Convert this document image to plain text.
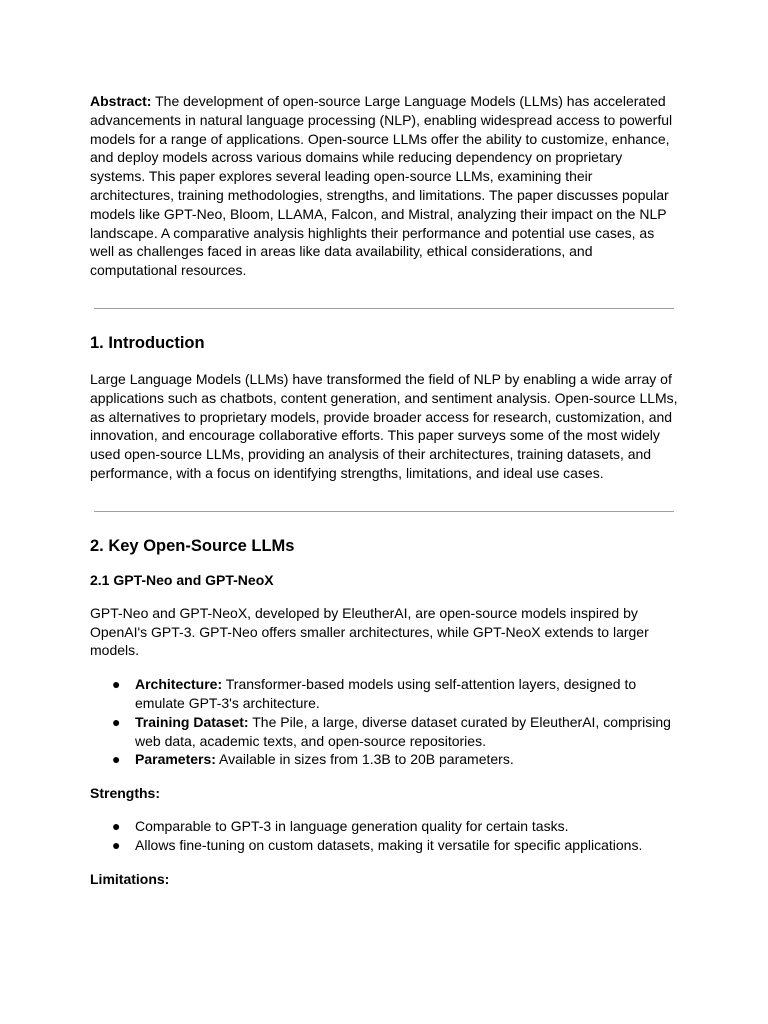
Abstract: The development of open-source Large Language Models (LLMs) has accelerated advancements in natural language processing (NLP), enabling widespread access to powerful models for a range of applications. Open-source LLMs offer the ability to customize, enhance, and deploy models across various domains while reducing dependency on proprietary systems. This paper explores several leading open-source LLMs, examining their architectures, training methodologies, strengths, and limitations. The paper discusses popular models like GPT-Neo, Bloom, LLAMA, Falcon, and Mistral, analyzing their impact on the NLP landscape. A comparative analysis highlights their performance and potential use cases, as well as challenges faced in areas like data availability, ethical considerations, and computational resources.

1. Introduction

Large Language Models (LLMs) have transformed the field of NLP by enabling a wide array of applications such as chatbots, content generation, and sentiment analysis. Open-source LLMs, as alternatives to proprietary models, provide broader access for research, customization, and innovation, and encourage collaborative efforts. This paper surveys some of the most widely used open-source LLMs, providing an analysis of their architectures, training datasets, and performance, with a focus on identifying strengths, limitations, and ideal use cases.

2. Key Open-Source LLMs
2.1 GPT-Neo and GPT-NeoX

GPT-Neo and GPT-NeoX, developed by EleutherAI, are open-source models inspired by OpenAI's GPT-3. GPT-Neo offers smaller architectures, while GPT-NeoX extends to larger models.

● Architecture: Transformer-based models using self-attention layers, designed to emulate GPT-3's architecture.
● Training Dataset: The Pile, a large, diverse dataset curated by EleutherAI, comprising web data, academic texts, and open-source repositories.
● Parameters: Available in sizes from 1.3B to 20B parameters.

Strengths:

● Comparable to GPT-3 in language generation quality for certain tasks.
● Allows fine-tuning on custom datasets, making it versatile for specific applications.

Limitations:
